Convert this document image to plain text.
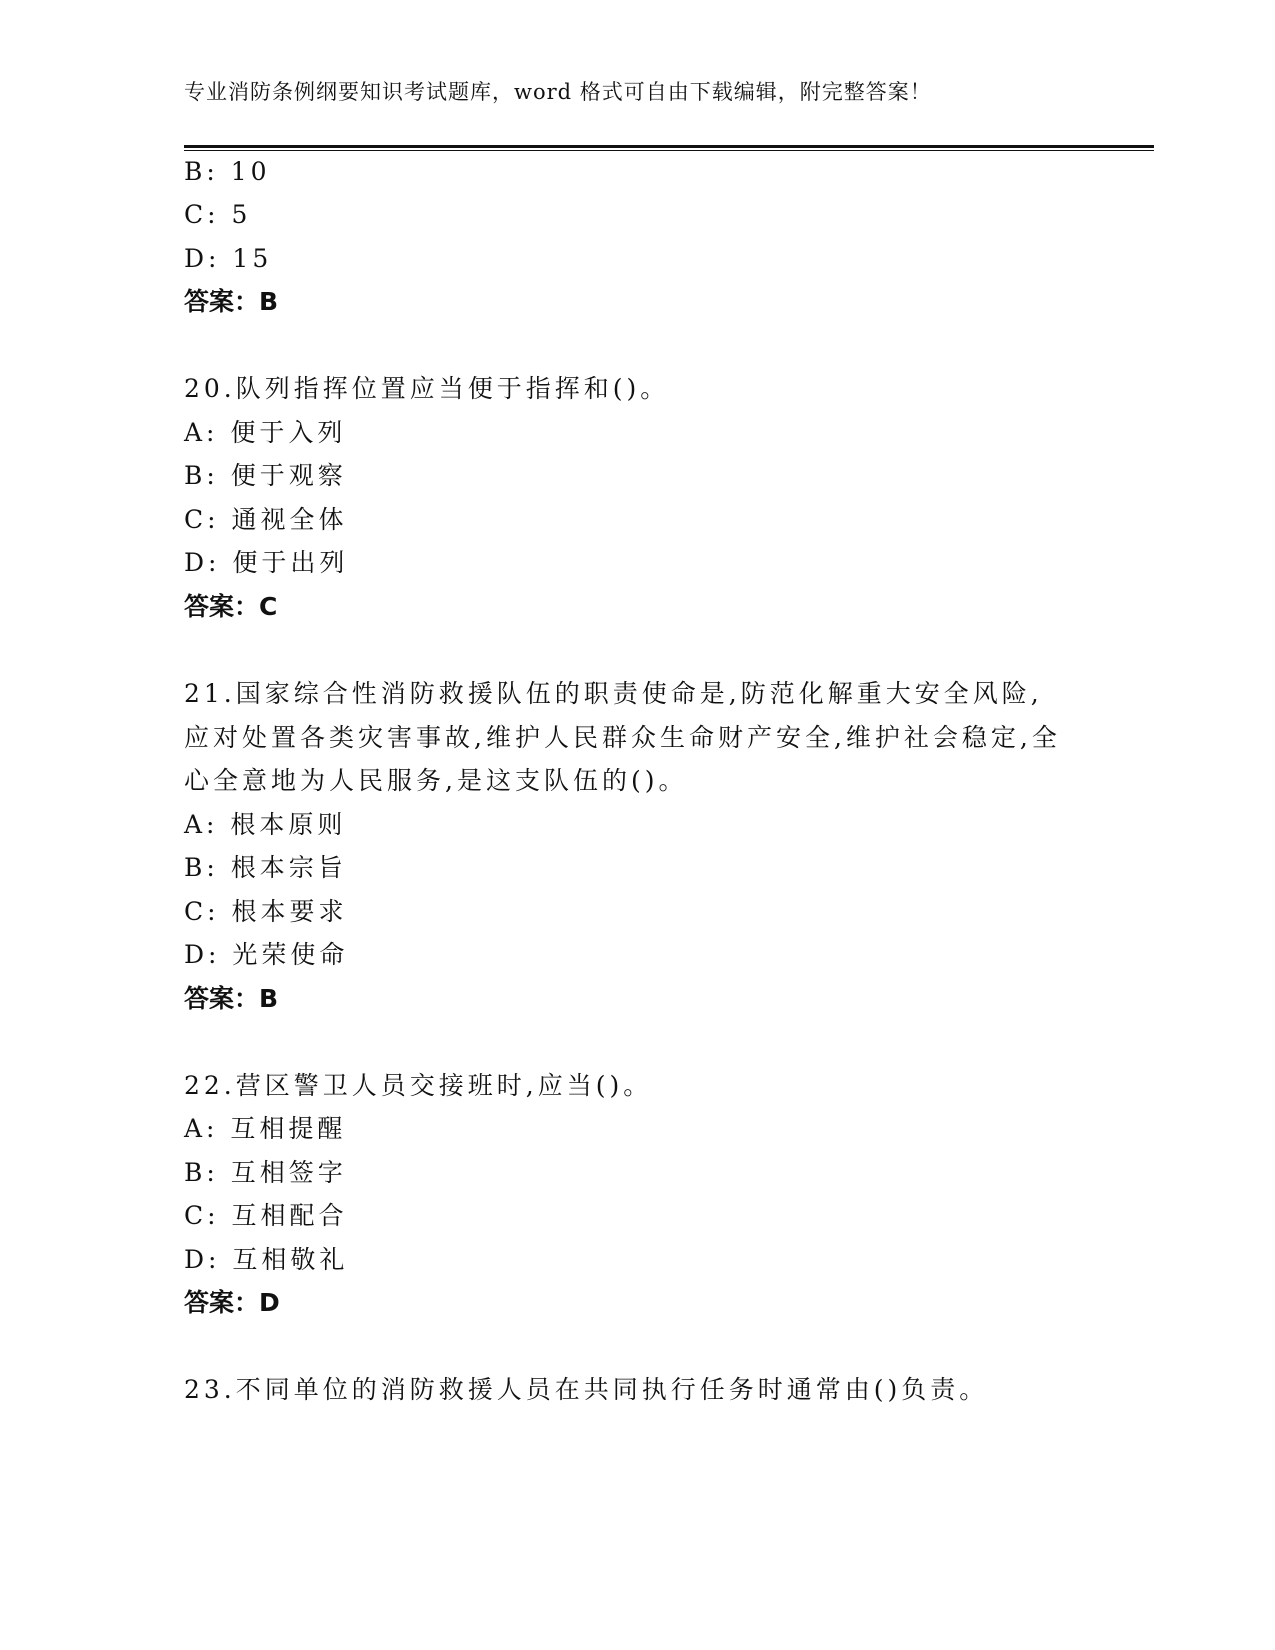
专业消防条例纲要知识考试题库，word 格式可自由下载编辑，附完整答案！
B: 10
C: 5
D: 15
答案：B
20.队列指挥位置应当便于指挥和()。
A: 便于入列
B: 便于观察
C: 通视全体
D: 便于出列
答案：C
21.国家综合性消防救援队伍的职责使命是,防范化解重大安全风险,
应对处置各类灾害事故,维护人民群众生命财产安全,维护社会稳定,全
心全意地为人民服务,是这支队伍的()。
A: 根本原则
B: 根本宗旨
C: 根本要求
D: 光荣使命
答案：B
22.营区警卫人员交接班时,应当()。
A: 互相提醒
B: 互相签字
C: 互相配合
D: 互相敬礼
答案：D
23.不同单位的消防救援人员在共同执行任务时通常由()负责。
